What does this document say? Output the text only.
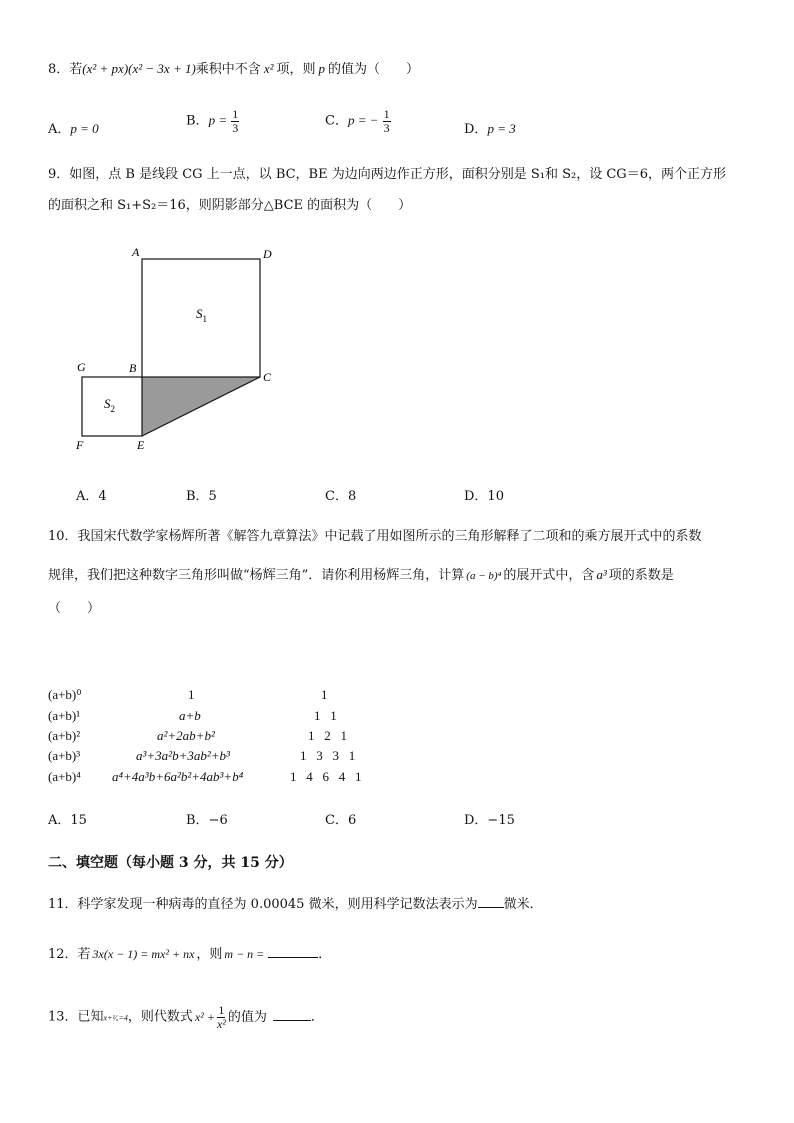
8．若(x² + px)(x² − 3x + 1)乘积中不含 x² 项，则 p 的值为（　　）
A．p = 0	B．$p = \frac{1}{3}$	C．p = − $\frac{1}{3}$	D．p = 3
9．如图，点 B 是线段 CG 上一点，以 BC，BE 为边向两边作正方形，面积分别是 S₁和 S₂，设 CG＝6，两个正方形
的面积之和 S₁+S₂＝16，则阴影部分△BCE 的面积为（　　）
A	D
G	B
C
F	E
$S_1$
$S_2$
A．4	B．5	C．8	D．10
10．我国宋代数学家杨辉所著《解答九章算法》中记载了用如图所示的三角形解释了二项和的乘方展开式中的系数
规律，我们把这种数字三角形叫做“杨辉三角”．请你利用杨辉三角，计算 (a − b)⁴ 的展开式中，含 a³ 项的系数是
（　　）
(a+b)⁰	1	1
(a+b)¹	a+b	1   1
(a+b)²	a²+2ab+b²	1   2   1
(a+b)³	a³+3a²b+3ab²+b³	1   3   3   1
(a+b)⁴ a⁴+4a³b+6a²b²+4ab³+b⁴	1   4   6   4   1
A．15	B．−6	C．6	D．−15
二、填空题（每小题 3 分，共 15 分）
11．科学家发现一种病毒的直径为 0.00045 微米，则用科学记数法表示为 微米．
12．若 3x(x − 1) = mx² + nx ，则 m − n =	．
13．已知x+¹⁄ₓ=4，则代数式 $x^2 + \frac{1}{\text{x²}}$ 的值为	．
